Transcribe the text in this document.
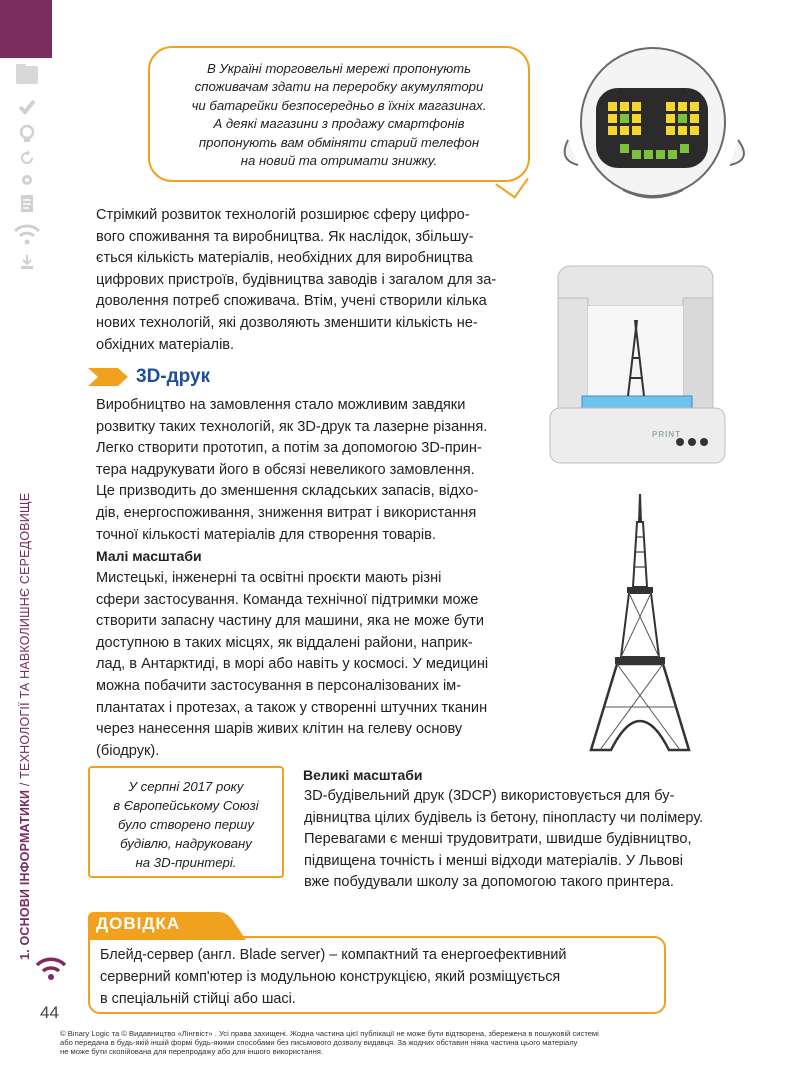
1. ОСНОВИ ІНФОРМАТИКИ / ТЕХНОЛОГІЇ ТА НАВКОЛИШНЄ СЕРЕДОВИЩЕ
44
В Україні торговельні мережі пропонують
споживачам здати на переробку акумулятори
чи батарейки безпосередньо в їхніх магазинах.
А деякі магазини з продажу смартфонів
пропонують вам обміняти старий телефон
на новий та отримати знижку.
Стрімкий розвиток технологій розширює сферу цифро-
вого споживання та виробництва. Як наслідок, збільшу-
ється кількість матеріалів, необхідних для виробництва
цифрових пристроїв, будівництва заводів і загалом для за-
доволення потреб споживача. Втім, учені створили кілька
нових технологій, які дозволяють зменшити кількість не-
обхідних матеріалів.
PRINT
3D-друк
Виробництво на замовлення стало можливим завдяки
розвитку таких технологій, як 3D-друк та лазерне різання.
Легко створити прототип, а потім за допомогою 3D-прин-
тера надрукувати його в обсязі невеликого замовлення.
Це призводить до зменшення складських запасів, відхо-
дів, енергоспоживання, зниження витрат і використання
точної кількості матеріалів для створення товарів.
Малі масштаби
Мистецькі, інженерні та освітні проєкти мають різні
сфери застосування. Команда технічної підтримки може
створити запасну частину для машини, яка не може бути
доступною в таких місцях, як віддалені райони, наприк-
лад, в Антарктиді, в морі або навіть у космосі. У медицині
можна побачити застосування в персоналізованих ім-
плантатах і протезах, а також у створенні штучних тканин
через нанесення шарів живих клітин на гелеву основу
(біодрук).
У серпні 2017 року
в Європейському Союзі
було створено першу
будівлю, надруковану
на 3D-принтері.
Великі масштаби
3D-будівельний друк (3DCP) використовується для бу-
дівництва цілих будівель із бетону, пінопласту чи полімеру.
Перевагами є менші трудовитрати, швидше будівництво,
підвищена точність і менші відходи матеріалів. У Львові
вже побудували школу за допомогою такого принтера.
ДОВІДКА
Блейд-сервер (англ. Blade server) – компактний та енергоефективний
серверний комп'ютер із модульною конструкцією, який розміщується
в спеціальній стійці або шасі.
© Binary Logic та © Видавництво «Лінгвіст» . Усі права захищені. Жодна частина цієї публікації не може бути відтворена, збережена в пошуковій системі
або передана в будь-якій іншій формі будь-якими способами без письмового дозволу видавця. За жодних обставин ніяка частина цього матеріалу
не може бути скопійована для перепродажу або для іншого використання.
